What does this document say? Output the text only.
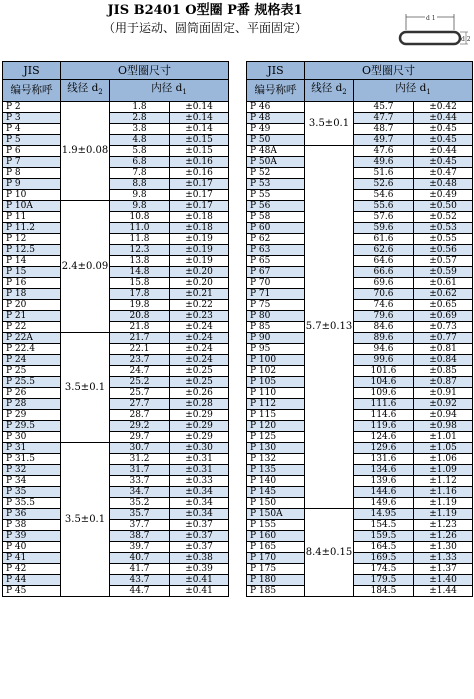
JIS B2401 O型圈 P番 规格表1
（用于运动、圆筒面固定、平面固定）
d 1
d 2
JIS	O型圈尺寸		
编号称呼	线径 $d_2$	内径 $d_1$
P 2	1.9±0.08	1.8	±0.14
P 3		2.8	±0.14
P 4		3.8	±0.14
P 5		4.8	±0.15
P 6		5.8	±0.15
P 7		6.8	±0.16
P 8		7.8	±0.16
P 9		8.8	±0.17
P 10		9.8	±0.17
P 10A	2.4±0.09	9.8	±0.17
P 11		10.8	±0.18
P 11.2		11.0	±0.18
P 12		11.8	±0.19
P 12.5		12.3	±0.19
P 14		13.8	±0.19
P 15		14.8	±0.20
P 16		15.8	±0.20
P 18		17.8	±0.21
P 20		19.8	±0.22
P 21		20.8	±0.23
P 22		21.8	±0.24
P 22A	3.5±0.1	21.7	±0.24
P 22.4		22.1	±0.24
P 24		23.7	±0.24
P 25		24.7	±0.25
P 25.5		25.2	±0.25
P 26		25.7	±0.26
P 28		27.7	±0.28
P 29		28.7	±0.29
P 29.5		29.2	±0.29
P 30		29.7	±0.29
P 31	3.5±0.1	30.7	±0.30
P 31.5		31.2	±0.31
P 32		31.7	±0.31
P 34		33.7	±0.33
P 35		34.7	±0.34
P 35.5		35.2	±0.34
P 36		35.7	±0.34
P 38		37.7	±0.37
P 39		38.7	±0.37
P 40		39.7	±0.37
P 41		40.7	±0.38
P 42		41.7	±0.39
P 44		43.7	±0.41
P 45		44.7	±0.41
JIS	O型圈尺寸		
编号称呼	线径 $d_2$	内径 $d_1$
P 46	3.5±0.1	45.7	±0.42
P 48		47.7	±0.44
P 49		48.7	±0.45
P 50		49.7	±0.45
P 48A	5.7±0.13	47.6	±0.44
P 50A		49.6	±0.45
P 52		51.6	±0.47
P 53		52.6	±0.48
P 55		54.6	±0.49
P 56		55.6	±0.50
P 58		57.6	±0.52
P 60		59.6	±0.53
P 62		61.6	±0.55
P 63		62.6	±0.56
P 65		64.6	±0.57
P 67		66.6	±0.59
P 70		69.6	±0.61
P 71		70.6	±0.62
P 75		74.6	±0.65
P 80		79.6	±0.69
P 85		84.6	±0.73
P 90		89.6	±0.77
P 95		94.6	±0.81
P 100		99.6	±0.84
P 102		101.6	±0.85
P 105		104.6	±0.87
P 110		109.6	±0.91
P 112		111.6	±0.92
P 115		114.6	±0.94
P 120		119.6	±0.98
P 125		124.6	±1.01
P 130		129.6	±1.05
P 132		131.6	±1.06
P 135		134.6	±1.09
P 140		139.6	±1.12
P 145		144.6	±1.16
P 150		149.6	±1.19
P 150A	8.4±0.15	14.95	±1.19
P 155		154.5	±1.23
P 160		159.5	±1.26
P 165		164.5	±1.30
P 170		169.5	±1.33
P 175		174.5	±1.37
P 180		179.5	±1.40
P 185		184.5	±1.44
